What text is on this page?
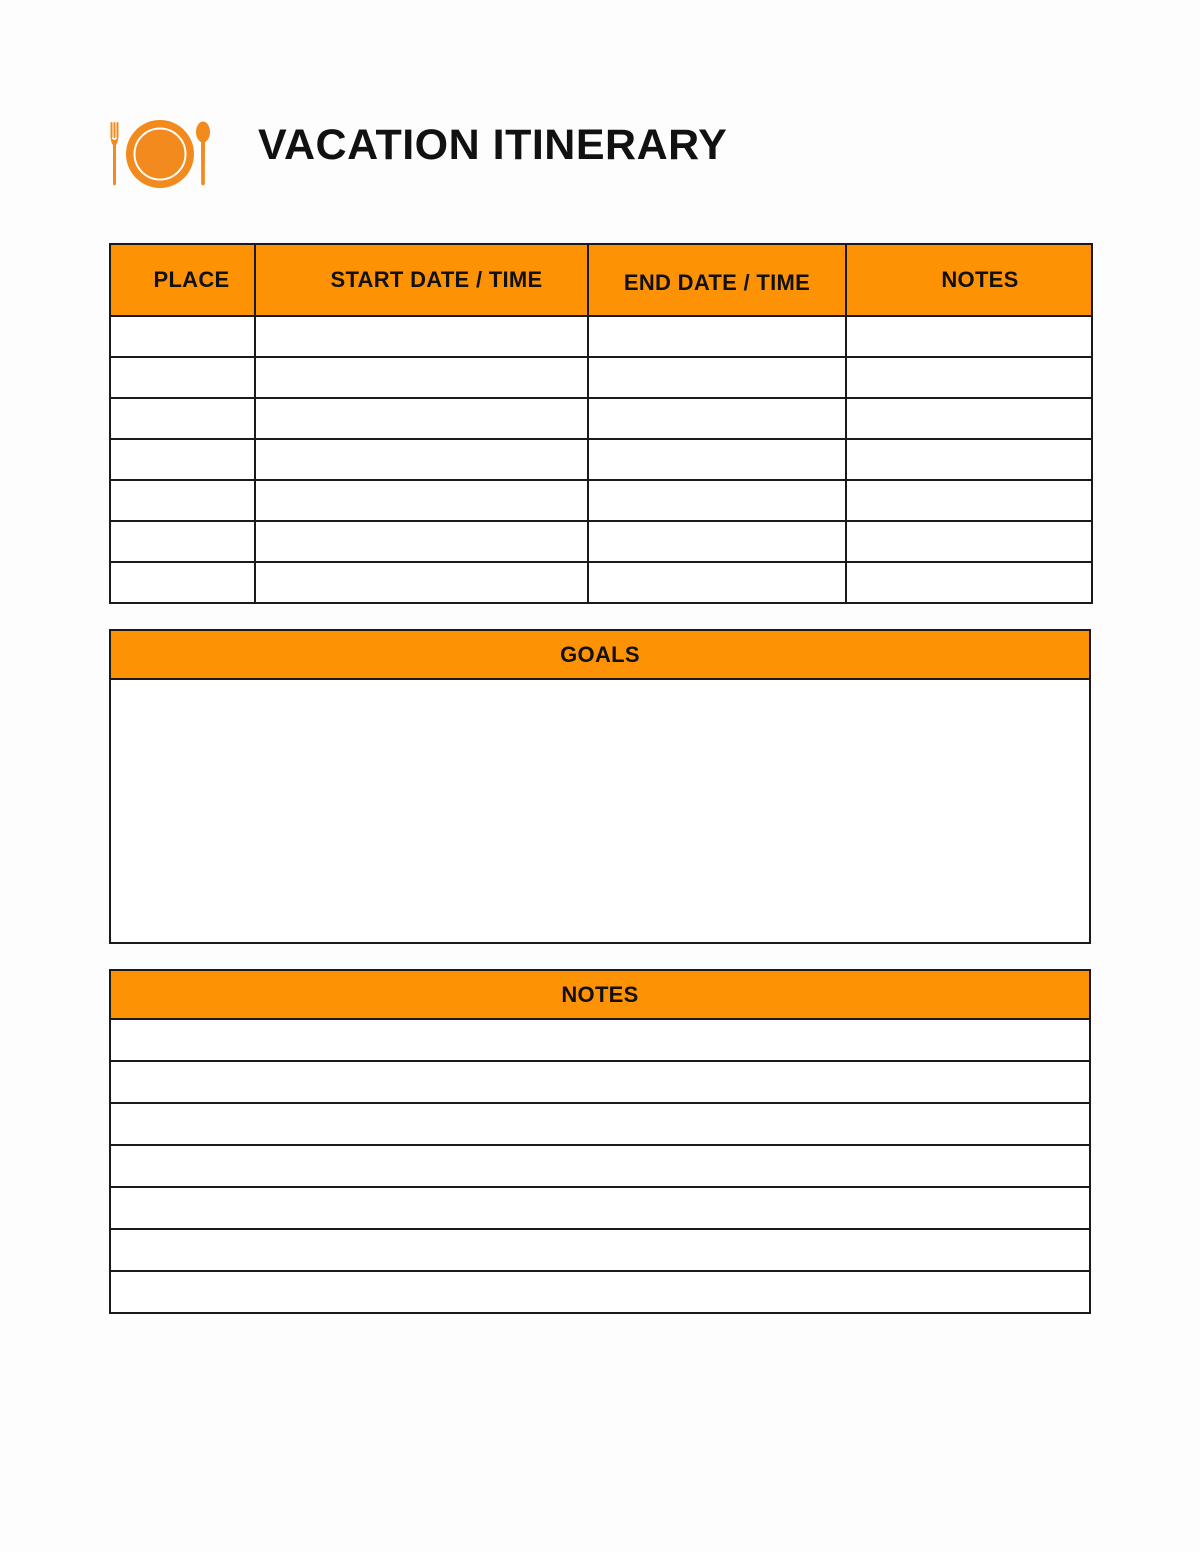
VACATION ITINERARY
PLACE	START DATE / TIME	END DATE / TIME	NOTES

GOALS
NOTES
